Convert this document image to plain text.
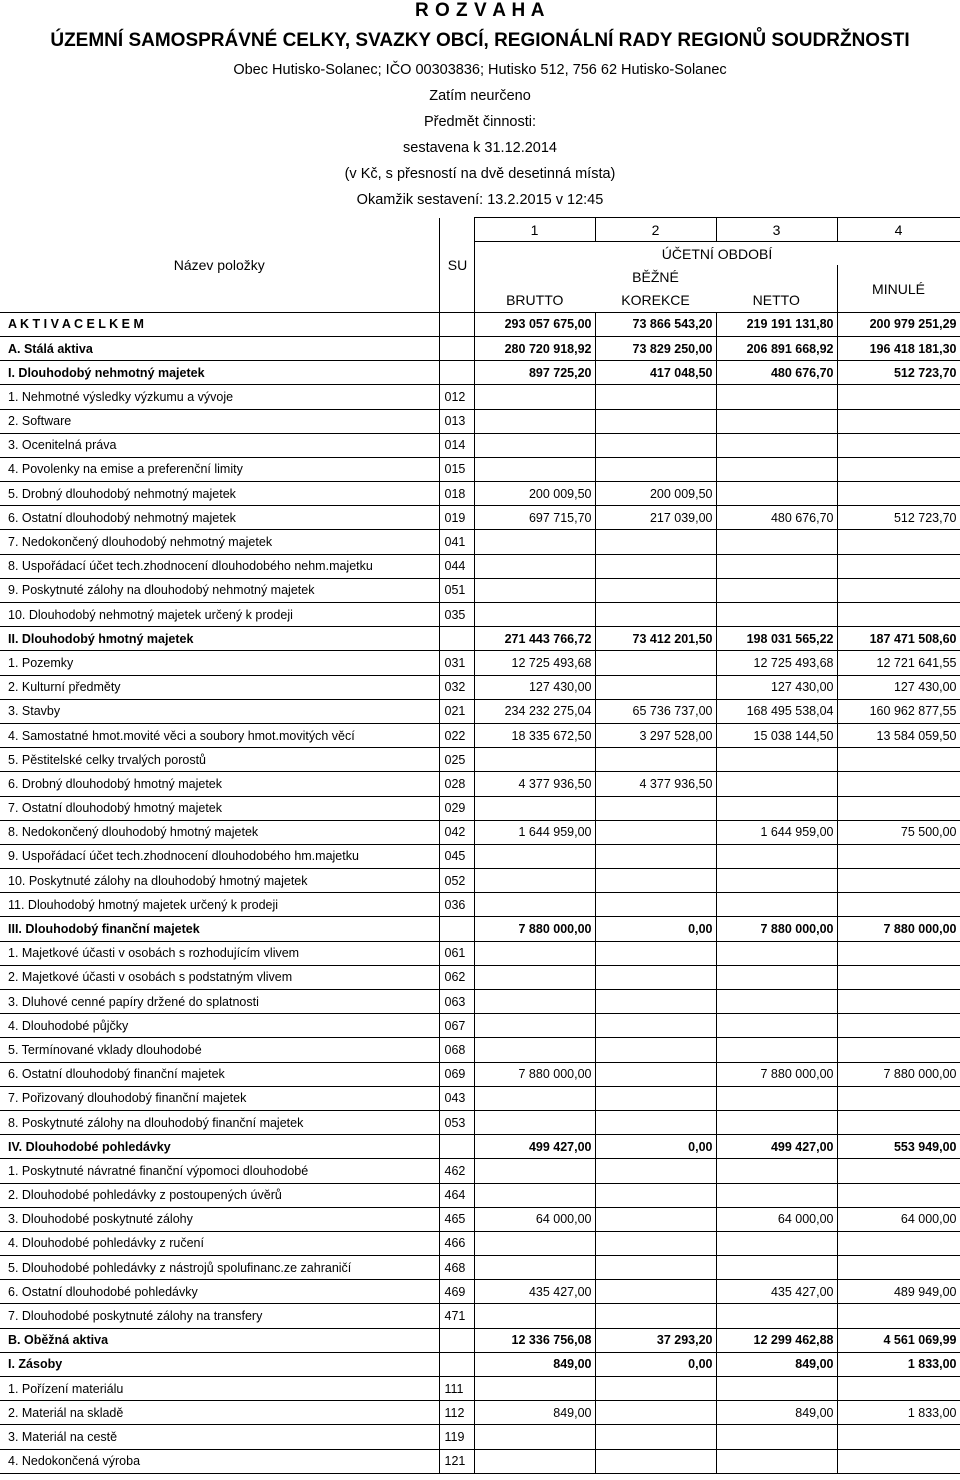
R O Z V A H A
ÚZEMNÍ SAMOSPRÁVNÉ CELKY, SVAZKY OBCÍ, REGIONÁLNÍ RADY REGIONŮ SOUDRŽNOSTI
Obec Hutisko-Solanec; IČO 00303836; Hutisko 512, 756 62 Hutisko-Solanec
Zatím neurčeno
Předmět činnosti:
sestavena k 31.12.2014
(v Kč, s přesností na dvě desetinná místa)
Okamžik sestavení: 13.2.2015 v 12:45
Název položky	SU	1	2	3	4
		ÚČETNÍ OBDOBÍ			
		BĚŽNÉ			MINULÉ
		BRUTTO	KOREKCE	NETTO	
A K T I V A C E L K E M		293 057 675,00	73 866 543,20	219 191 131,80	200 979 251,29
A. Stálá aktiva		280 720 918,92	73 829 250,00	206 891 668,92	196 418 181,30
I. Dlouhodobý nehmotný majetek		897 725,20	417 048,50	480 676,70	512 723,70
1. Nehmotné výsledky výzkumu a vývoje	012				
2. Software	013				
3. Ocenitelná práva	014				
4. Povolenky na emise a preferenční limity	015				
5. Drobný dlouhodobý nehmotný majetek	018	200 009,50	200 009,50		
6. Ostatní dlouhodobý nehmotný majetek	019	697 715,70	217 039,00	480 676,70	512 723,70
7. Nedokončený dlouhodobý nehmotný majetek	041				
8. Uspořádací účet tech.zhodnocení dlouhodobého nehm.majetku	044				
9. Poskytnuté zálohy na dlouhodobý nehmotný majetek	051				
10. Dlouhodobý nehmotný majetek určený k prodeji	035				
II. Dlouhodobý hmotný majetek		271 443 766,72	73 412 201,50	198 031 565,22	187 471 508,60
1. Pozemky	031	12 725 493,68		12 725 493,68	12 721 641,55
2. Kulturní předměty	032	127 430,00		127 430,00	127 430,00
3. Stavby	021	234 232 275,04	65 736 737,00	168 495 538,04	160 962 877,55
4. Samostatné hmot.movité věci a soubory hmot.movitých věcí	022	18 335 672,50	3 297 528,00	15 038 144,50	13 584 059,50
5. Pěstitelské celky trvalých porostů	025				
6. Drobný dlouhodobý hmotný majetek	028	4 377 936,50	4 377 936,50		
7. Ostatní dlouhodobý hmotný majetek	029				
8. Nedokončený dlouhodobý hmotný majetek	042	1 644 959,00		1 644 959,00	75 500,00
9. Uspořádací účet tech.zhodnocení dlouhodobého hm.majetku	045				
10. Poskytnuté zálohy na dlouhodobý hmotný majetek	052				
11. Dlouhodobý hmotný majetek určený k prodeji	036				
III. Dlouhodobý finanční majetek		7 880 000,00	0,00	7 880 000,00	7 880 000,00
1. Majetkové účasti v osobách s rozhodujícím vlivem	061				
2. Majetkové účasti v osobách s podstatným vlivem	062				
3. Dluhové cenné papíry držené do splatnosti	063				
4. Dlouhodobé půjčky	067				
5. Termínované vklady dlouhodobé	068				
6. Ostatní dlouhodobý finanční majetek	069	7 880 000,00		7 880 000,00	7 880 000,00
7. Pořizovaný dlouhodobý finanční majetek	043				
8. Poskytnuté zálohy na dlouhodobý finanční majetek	053				
IV. Dlouhodobé pohledávky		499 427,00	0,00	499 427,00	553 949,00
1. Poskytnuté návratné finanční výpomoci dlouhodobé	462				
2. Dlouhodobé pohledávky z postoupených úvěrů	464				
3. Dlouhodobé poskytnuté zálohy	465	64 000,00		64 000,00	64 000,00
4. Dlouhodobé pohledávky z ručení	466				
5. Dlouhodobé pohledávky z nástrojů spolufinanc.ze zahraničí	468				
6. Ostatní dlouhodobé pohledávky	469	435 427,00		435 427,00	489 949,00
7. Dlouhodobé poskytnuté zálohy na transfery	471				
B. Oběžná aktiva		12 336 756,08	37 293,20	12 299 462,88	4 561 069,99
I. Zásoby		849,00	0,00	849,00	1 833,00
1. Pořízení materiálu	111				
2. Materiál na skladě	112	849,00		849,00	1 833,00
3. Materiál na cestě	119				
4. Nedokončená výroba	121				
